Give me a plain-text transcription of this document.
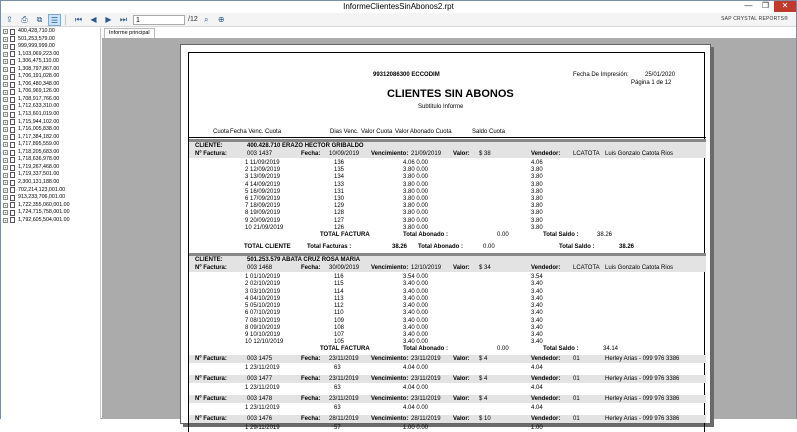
InformeClientesSinAbonos2.rpt	—	❐	✕
⇪	⎙	⧉	☰	⏮	◀	▶	⏭	1	/12 ⌕	⊕	SAP CRYSTAL REPORTS®
+ 400,428,710.00
+ 501,253,579.00
+ 999,999,999.00
+ 1,103,069,223.00
+ 1,306,475,110.00
+ 1,308,797,867.00
+ 1,706,191,028.00
+ 1,706,480,348.00
+ 1,706,969,126.00
+ 1,708,917,766.00
+ 1,712,633,310.00
+ 1,713,601,019.00
+ 1,715,944,102.00
+ 1,716,005,838.00
+ 1,717,384,182.00
+ 1,717,895,559.00
+ 1,718,205,683.00
+ 1,718,636,978.00
+ 1,719,267,468.00
+ 1,719,337,501.00
+ 2,300,131,188.00
+ 702,214,123,001.00
+ 913,233,706,001.00
+ 1,722,355,060,001.00
+ 1,724,715,758,001.00
+ 1,792,605,504,001.00
Informe principal
99312086300 ECCODIM	Fecha De Impresión:	25/01/2020
Página 1 de 12
CLIENTES SIN ABONOS
Subtitulo Informe
Cuota Fecha Venc. Cuota	Dias Venc. Valor Cuota Valor Abonado Cuota	Saldo Cuota
CLIENTE:	400.428.710 ERAZO HECTOR GRIBALDO
Nº Factura:	003 1437	Fecha: 10/09/2019 Vencimiento: 21/09/2019 Valor: $ 38	Vendedor: LCATOTA Luis Gonzalo Catota Rios
1 11/09/2019	136	4.06 0.00	4.06
2 12/09/2019	135	3.80 0.00	3.80
3 13/09/2019	134	3.80 0.00	3.80
4 14/09/2019	133	3.80 0.00	3.80
5 16/09/2019	131	3.80 0.00	3.80
6 17/09/2019	130	3.80 0.00	3.80
7 18/09/2019	129	3.80 0.00	3.80
8 19/09/2019	128	3.80 0.00	3.80
9 20/09/2019	127	3.80 0.00	3.80
10 21/09/2019	126	3.80 0.00	3.80
TOTAL FACTURA	Total Abonado :	0.00	Total Saldo :	38.26
TOTAL CLIENTE	Total Facturas :	38.26 Total Abonado :	0.00	Total Saldo :	38.26
CLIENTE:	501.253.579 ABATA CRUZ ROSA MARIA
Nº Factura:	003 1468	Fecha: 30/09/2019 Vencimiento: 12/10/2019 Valor: $ 34	Vendedor: LCATOTA Luis Gonzalo Catota Rios
1 01/10/2019	116	3.54 0.00	3.54
2 02/10/2019	115	3.40 0.00	3.40
3 03/10/2019	114	3.40 0.00	3.40
4 04/10/2019	113	3.40 0.00	3.40
5 05/10/2019	112	3.40 0.00	3.40
6 07/10/2019	110	3.40 0.00	3.40
7 08/10/2019	109	3.40 0.00	3.40
8 09/10/2019	108	3.40 0.00	3.40
9 10/10/2019	107	3.40 0.00	3.40
10 12/10/2019	105	3.40 0.00	3.40
TOTAL FACTURA	Total Abonado :	0.00	Total Saldo :	34.14
Nº Factura:	003 1475	Fecha: 23/11/2019 Vencimiento: 23/11/2019 Valor: $ 4	Vendedor: 01	Herley Arias - 099 976 3386
1 23/11/2019	63	4.04 0.00	4.04
Nº Factura:	003 1477	Fecha: 23/11/2019 Vencimiento: 23/11/2019 Valor: $ 4	Vendedor: 01	Herley Arias - 099 976 3386
1 23/11/2019	63	4.04 0.00	4.04
Nº Factura:	003 1478	Fecha: 23/11/2019 Vencimiento: 23/11/2019 Valor: $ 4	Vendedor: 01	Herley Arias - 099 976 3386
1 23/11/2019	63	4.04 0.00	4.04
Nº Factura:	003 1476	Fecha: 28/11/2019 Vencimiento: 28/11/2019 Valor: $ 10	Vendedor: 01	Herley Arias - 099 976 3386
1 29/11/2019	57	1.00 0.00	1.00
